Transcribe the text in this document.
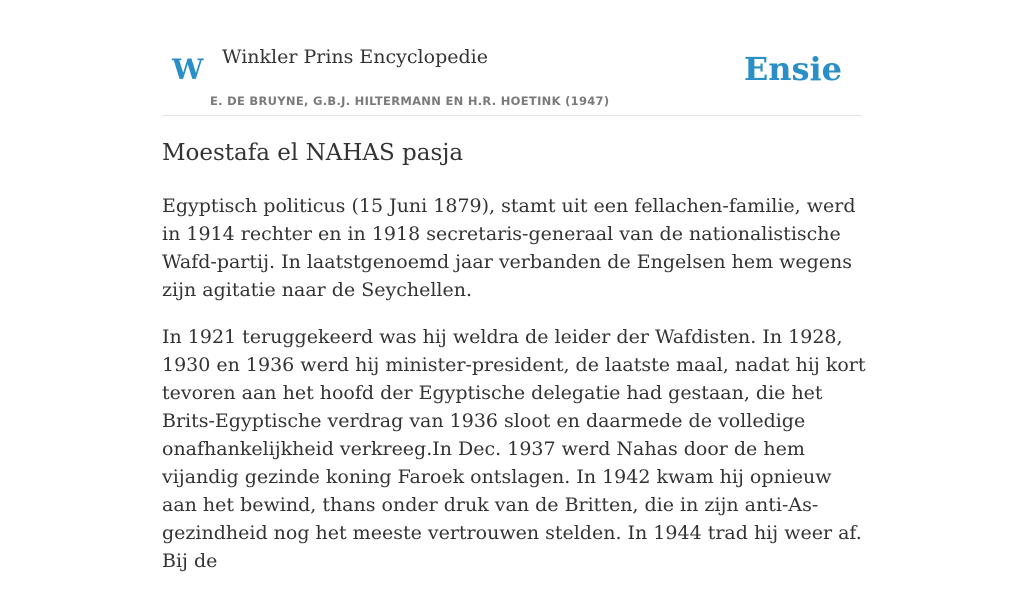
W Winkler Prins Encyclopedie
E. DE BRUYNE, G.B.J. HILTERMANN EN H.R. HOETINK (1947)
Ensie
Moestafa el NAHAS pasja

Egyptisch politicus (15 Juni 1879), stamt uit een fellachen-familie, werd in 1914 rechter en in 1918 secretaris-generaal van de nationalistische Wafd-partij. In laatstgenoemd jaar verbanden de Engelsen hem wegens zijn agitatie naar de Seychellen.

In 1921 teruggekeerd was hij weldra de leider der Wafdisten. In 1928, 1930 en 1936 werd hij minister-president, de laatste maal, nadat hij kort tevoren aan het hoofd der Egyptische delegatie had gestaan, die het Brits-Egyptische verdrag van 1936 sloot en daarmede de volledige onafhankelijkheid verkreeg.In Dec. 1937 werd Nahas door de hem vijandig gezinde koning Faroek ontslagen. In 1942 kwam hij opnieuw aan het bewind, thans onder druk van de Britten, die in zijn anti-As-gezindheid nog het meeste vertrouwen stelden. In 1944 trad hij weer af. Bij de
